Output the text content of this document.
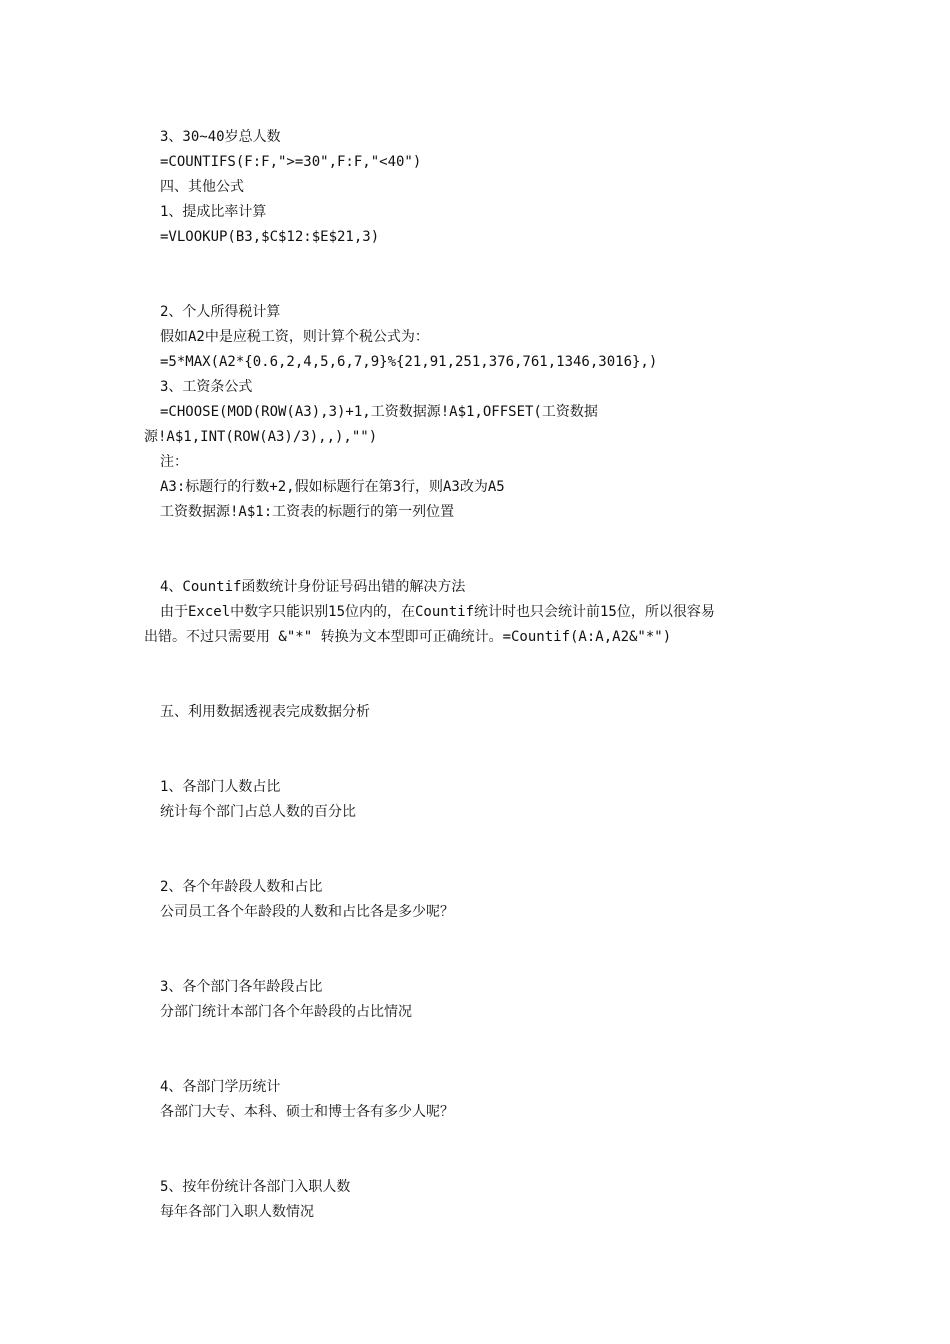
3、30~40岁总人数
=COUNTIFS(F:F,">=30",F:F,"<40")
四、其他公式
1、提成比率计算
=VLOOKUP(B3,$C$12:$E$21,3)
2、个人所得税计算
假如A2中是应税工资，则计算个税公式为：
=5*MAX(A2*{0.6,2,4,5,6,7,9}%{21,91,251,376,761,1346,3016},)
3、工资条公式
=CHOOSE(MOD(ROW(A3),3)+1,工资数据源!A$1,OFFSET(工资数据
源!A$1,INT(ROW(A3)/3),,),"")
注：
A3:标题行的行数+2,假如标题行在第3行，则A3改为A5
工资数据源!A$1:工资表的标题行的第一列位置
4、Countif函数统计身份证号码出错的解决方法
由于Excel中数字只能识别15位内的，在Countif统计时也只会统计前15位，所以很容易
出错。不过只需要用 &"*" 转换为文本型即可正确统计。=Countif(A:A,A2&"*")
五、利用数据透视表完成数据分析
1、各部门人数占比
统计每个部门占总人数的百分比
2、各个年龄段人数和占比
公司员工各个年龄段的人数和占比各是多少呢？
3、各个部门各年龄段占比
分部门统计本部门各个年龄段的占比情况
4、各部门学历统计
各部门大专、本科、硕士和博士各有多少人呢？
5、按年份统计各部门入职人数
每年各部门入职人数情况
